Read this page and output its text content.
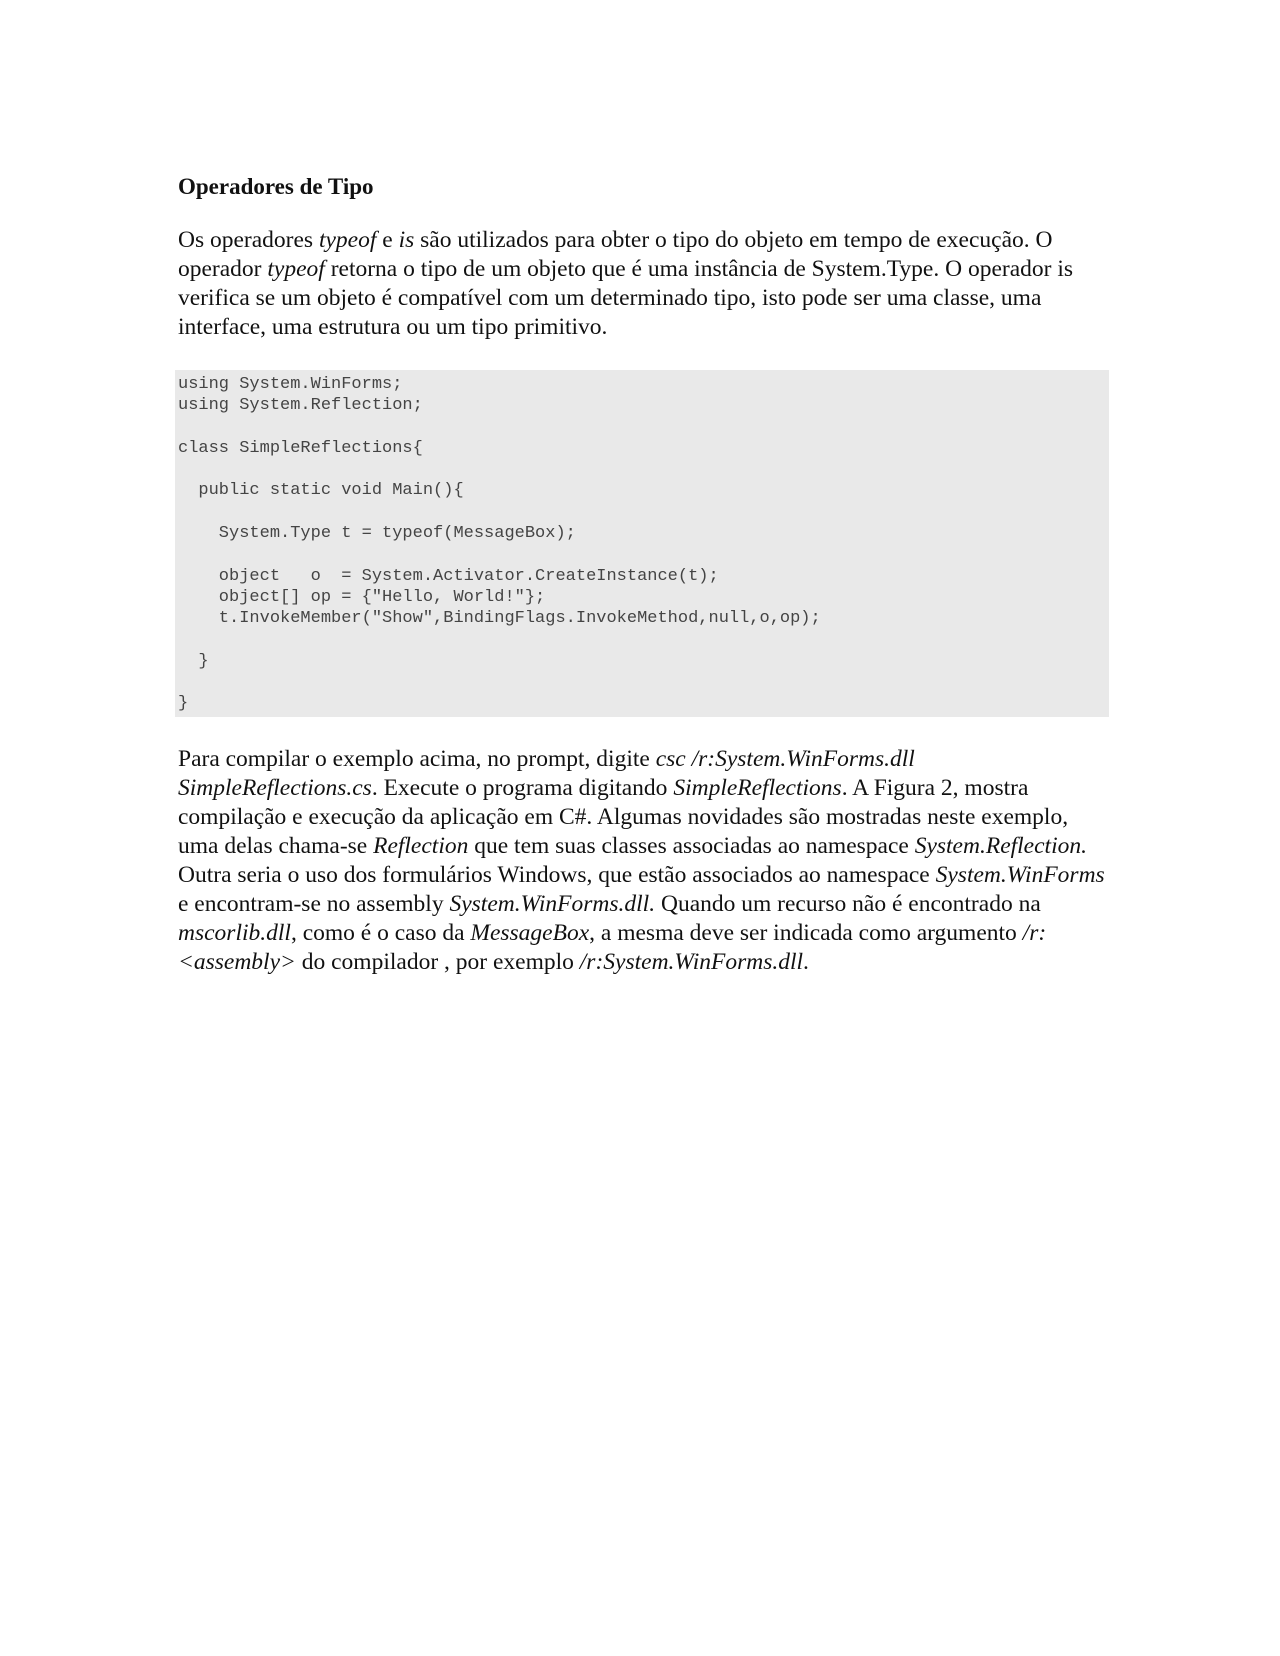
Operadores de Tipo

Os operadores typeof e is são utilizados para obter o tipo do objeto em tempo de execução. O operador typeof retorna o tipo de um objeto que é uma instância de System.Type. O operador is verifica se um objeto é compatível com um determinado tipo, isto pode ser uma classe, uma interface, uma estrutura ou um tipo primitivo.

using System.WinForms;
using System.Reflection;
class SimpleReflections{
public static void Main(){
System.Type t = typeof(MessageBox);
object   o  = System.Activator.CreateInstance(t);
object[] op = {"Hello, World!"};
t.InvokeMember("Show",BindingFlags.InvokeMethod,null,o,op);
}
}

Para compilar o exemplo acima, no prompt, digite csc /r:System.WinForms.dll SimpleReflections.cs. Execute o programa digitando SimpleReflections. A Figura 2, mostra compilação e execução da aplicação em C#. Algumas novidades são mostradas neste exemplo, uma delas chama-se Reflection que tem suas classes associadas ao namespace System.Reflection. Outra seria o uso dos formulários Windows, que estão associados ao namespace System.WinForms e encontram-se no assembly System.WinForms.dll. Quando um recurso não é encontrado na mscorlib.dll, como é o caso da MessageBox, a mesma deve ser indicada como argumento /r:<assembly> do compilador , por exemplo /r:System.WinForms.dll.
